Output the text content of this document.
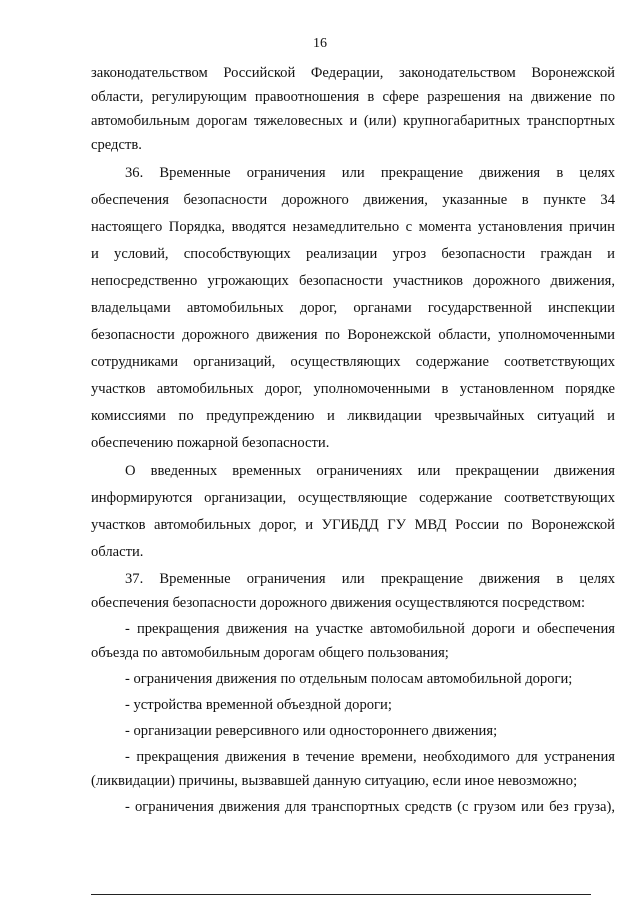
16
законодательством Российской Федерации, законодательством Воронежской
области, регулирующим правоотношения в сфере разрешения на движение по
автомобильным дорогам тяжеловесных и (или) крупногабаритных транспортных
средств.
36. Временные ограничения или прекращение движения в целях
обеспечения безопасности дорожного движения, указанные в пункте 34
настоящего Порядка, вводятся незамедлительно с момента установления причин
и условий, способствующих реализации угроз безопасности граждан и
непосредственно угрожающих безопасности участников дорожного движения,
владельцами автомобильных дорог, органами государственной инспекции
безопасности дорожного движения по Воронежской области, уполномоченными
сотрудниками организаций, осуществляющих содержание соответствующих
участков автомобильных дорог, уполномоченными в установленном порядке
комиссиями по предупреждению и ликвидации чрезвычайных ситуаций и
обеспечению пожарной безопасности.
О введенных временных ограничениях или прекращении движения
информируются организации, осуществляющие содержание соответствующих
участков автомобильных дорог, и УГИБДД ГУ МВД России по Воронежской
области.
37. Временные ограничения или прекращение движения в целях
обеспечения безопасности дорожного движения осуществляются посредством:
- прекращения движения на участке автомобильной дороги и обеспечения
объезда по автомобильным дорогам общего пользования;
- ограничения движения по отдельным полосам автомобильной дороги;
- устройства временной объездной дороги;
- организации реверсивного или одностороннего движения;
- прекращения движения в течение времени, необходимого для устранения
(ликвидации) причины, вызвавшей данную ситуацию, если иное невозможно;
- ограничения движения для транспортных средств (с грузом или без груза),
